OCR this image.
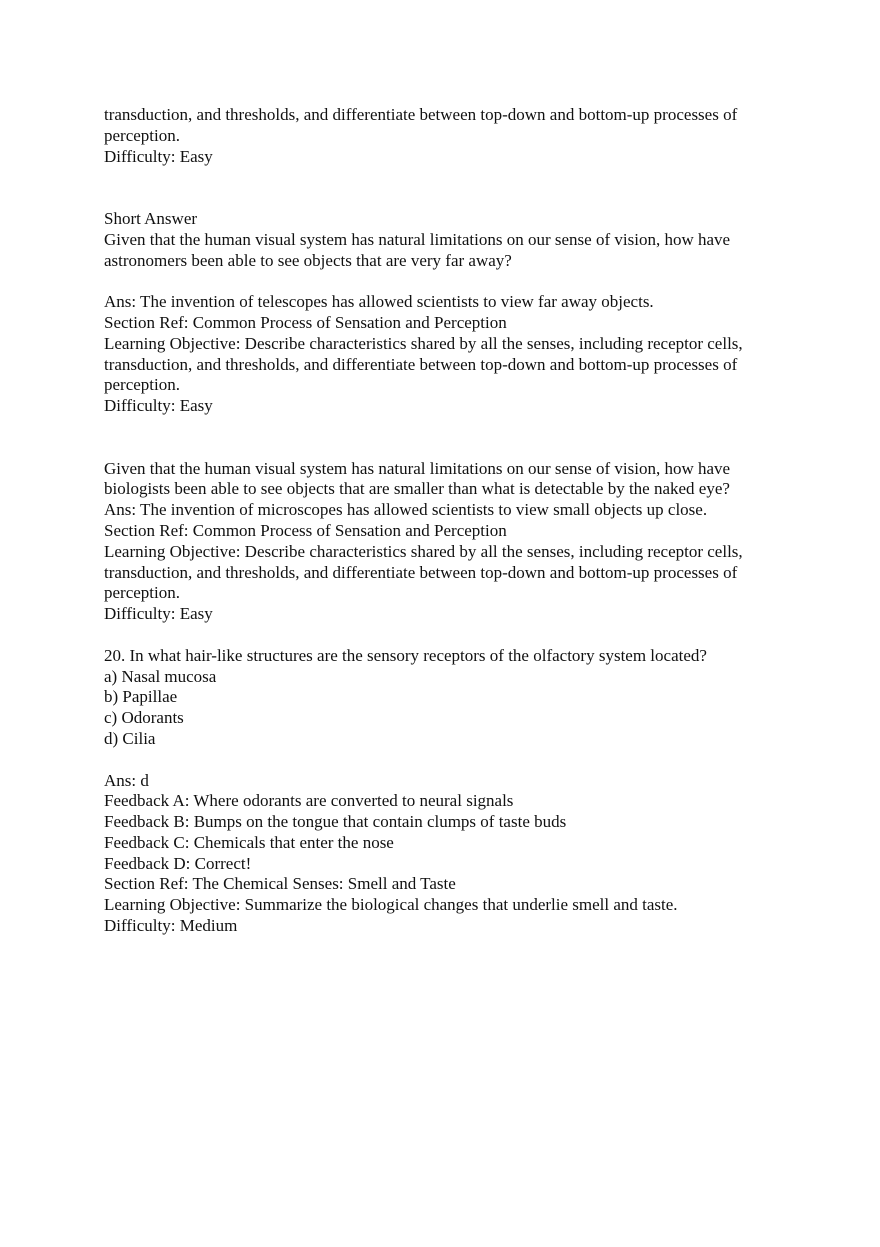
transduction, and thresholds, and differentiate between top-down and bottom-up processes of
perception.
Difficulty: Easy
Short Answer
Given that the human visual system has natural limitations on our sense of vision, how have
astronomers been able to see objects that are very far away?
Ans: The invention of telescopes has allowed scientists to view far away objects.
Section Ref: Common Process of Sensation and Perception
Learning Objective: Describe characteristics shared by all the senses, including receptor cells,
transduction, and thresholds, and differentiate between top-down and bottom-up processes of
perception.
Difficulty: Easy
Given that the human visual system has natural limitations on our sense of vision, how have
biologists been able to see objects that are smaller than what is detectable by the naked eye?
Ans: The invention of microscopes has allowed scientists to view small objects up close.
Section Ref: Common Process of Sensation and Perception
Learning Objective: Describe characteristics shared by all the senses, including receptor cells,
transduction, and thresholds, and differentiate between top-down and bottom-up processes of
perception.
Difficulty: Easy
20. In what hair-like structures are the sensory receptors of the olfactory system located?
a) Nasal mucosa
b) Papillae
c) Odorants
d) Cilia
Ans: d
Feedback A: Where odorants are converted to neural signals
Feedback B: Bumps on the tongue that contain clumps of taste buds
Feedback C: Chemicals that enter the nose
Feedback D: Correct!
Section Ref: The Chemical Senses: Smell and Taste
Learning Objective: Summarize the biological changes that underlie smell and taste.
Difficulty: Medium
